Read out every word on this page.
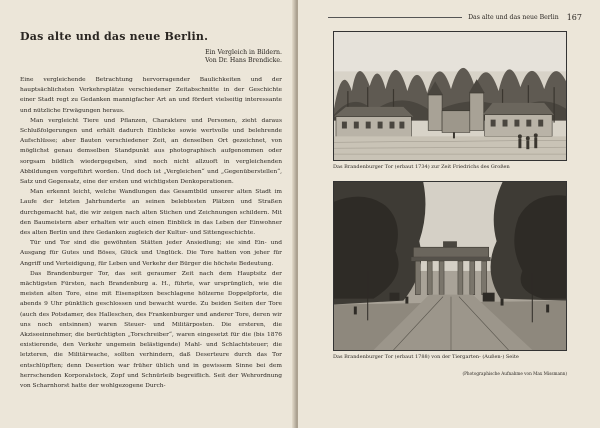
Das alte und das neue Berlin.
Ein Vergleich in Bildern.
Von Dr. Hans Brendicke.

Eine vergleichende Betrachtung hervorragender Baulichkeiten und der hauptsächlichsten Verkehrsplätze verschiedener Zeitabschnitte in der Geschichte einer Stadt regt zu Gedanken mannigfacher Art an und fördert vielseitig interessante und nützliche Erwägungen heraus.

Man vergleicht Tiere und Pflanzen, Charaktere und Personen, zieht daraus Schlußfolgerungen und erhält dadurch Einblicke sowie wertvolle und belehrende Aufschlüsse; aber Bauten verschiedener Zeit, an denselben Ort gezeichnet, von möglichst genau demselben Standpunkt aus photographisch aufgenommen oder sorgsam bildlich wiedergegeben, sind noch nicht allzuoft in vergleichenden Abbildungen vorgeführt worden. Und doch ist „Vergleichen“ und „Gegenüberstellen“, Satz und Gegensatz, eine der ersten und wichtigsten Denkoperationen.

Man erkennt leicht, welche Wandlungen das Gesamtbild unserer alten Stadt im Laufe der letzten Jahrhunderte an seinen belebtesten Plätzen und Straßen durchgemacht hat, die wir zeigen nach alten Stichen und Zeichnungen schildern. Mit den Baumeistern aber erhalten wir auch einen Einblick in das Leben der Einwohner des alten Berlin und ihre Gedanken zugleich der Kultur- und Sittengeschichte.

Tür und Tor sind die gewöhnten Stätten jeder Ansiedlung; sie sind Ein- und Ausgang für Gutes und Böses, Glück und Unglück. Die Tore hatten von jeher für Angriff und Verteidigung, für Leben und Verkehr der Bürger die höchste Bedeutung.

Das Brandenburger Tor, das seit geraumer Zeit nach dem Hauptsitz der mächtigsten Fürsten, nach Brandenburg a. H., führte, war ursprünglich, wie die meisten alten Tore, eine mit Eisenspitzen beschlagene hölzerne Doppelpforte, die abends 9 Uhr pünktlich geschlossen und bewacht wurde. Zu beiden Seiten der Tore (auch des Potsdamer, des Halleschen, des Frankenburger und anderer Tore, deren wir uns noch entsinnen) waren Steuer- und Militärposten. Die ersteren, die Akziseeinnehmer, die berüchtigten „Torschreiber“, waren eingesetzt für die (bis 1876 existierende, den Verkehr ungemein belästigende) Mahl- und Schlachtsteuer; die letzteren, die Militärwache, sollten verhindern, daß Deserteure durch das Tor entschlüpften; denn Desertion war früher üblich und in gewissem Sinne bei dem herrschenden Korporalstock, Zopf und Schnürleib begreiflich. Seit der Wehrordnung von Scharnhorst hatte der wohlgezogene Durch-

Das alte und das neue Berlin 167
Das Brandenburger Tor (erbaut 1734) zur Zeit Friedrichs des Großen
Das Brandenburger Tor (erbaut 1788) von der Tiergarten- (Außen-) Seite
(Photographische Aufnahme von Max Missmann)
